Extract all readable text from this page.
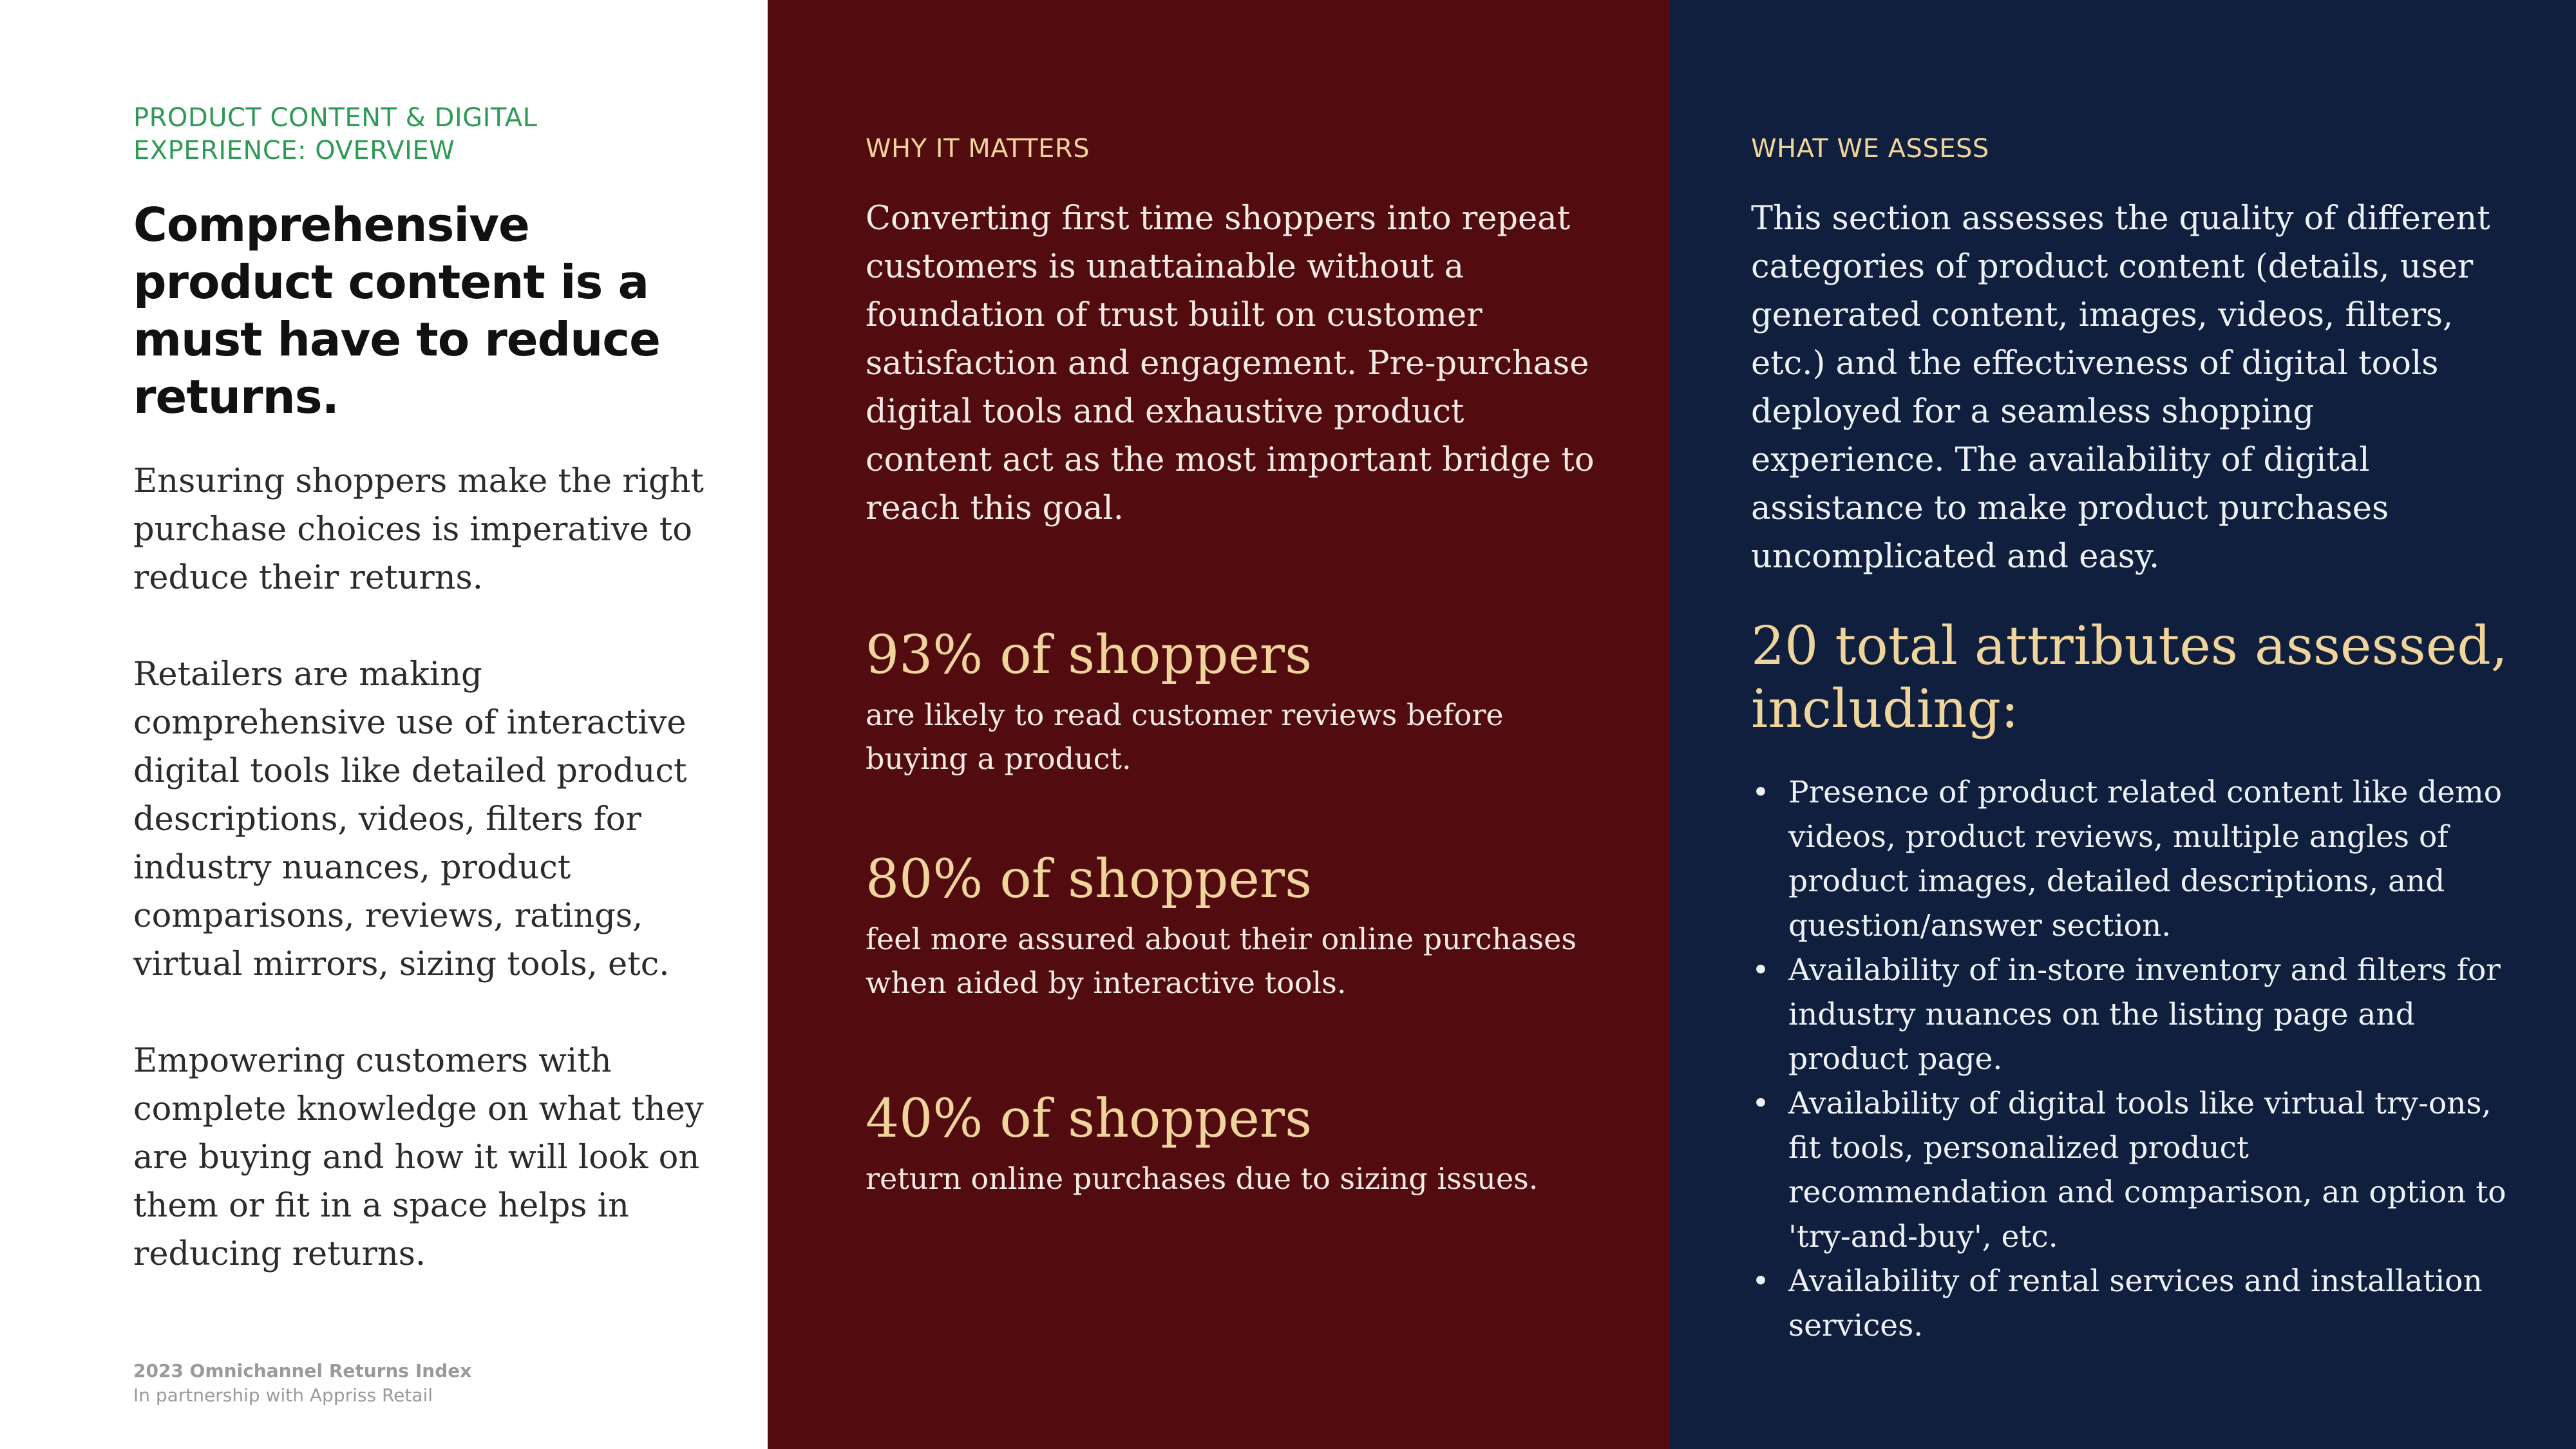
PRODUCT CONTENT & DIGITAL EXPERIENCE: OVERVIEW
Comprehensive product content is a must have to reduce returns.

Ensuring shoppers make the right purchase choices is imperative to reduce their returns.

Retailers are making comprehensive use of interactive digital tools like detailed product descriptions, videos, filters for industry nuances, product comparisons, reviews, ratings, virtual mirrors, sizing tools, etc.

Empowering customers with complete knowledge on what they are buying and how it will look on them or fit in a space helps in reducing returns.

2023 Omnichannel Returns Index
In partnership with Appriss Retail
WHY IT MATTERS
Converting first time shoppers into repeat customers is unattainable without a foundation of trust built on customer satisfaction and engagement. Pre-purchase digital tools and exhaustive product content act as the most important bridge to reach this goal.
93% of shoppers
are likely to read customer reviews before buying a product.
80% of shoppers
feel more assured about their online purchases when aided by interactive tools.
40% of shoppers
return online purchases due to sizing issues.
WHAT WE ASSESS
This section assesses the quality of different categories of product content (details, user generated content, images, videos, filters, etc.) and the effectiveness of digital tools deployed for a seamless shopping experience. The availability of digital assistance to make product purchases uncomplicated and easy.
20 total attributes assessed, including:
• Presence of product related content like demo videos, product reviews, multiple angles of product images, detailed descriptions, and question/answer section.
• Availability of in-store inventory and filters for industry nuances on the listing page and product page.
• Availability of digital tools like virtual try-ons, fit tools, personalized product recommendation and comparison, an option to 'try-and-buy', etc.
• Availability of rental services and installation services.
